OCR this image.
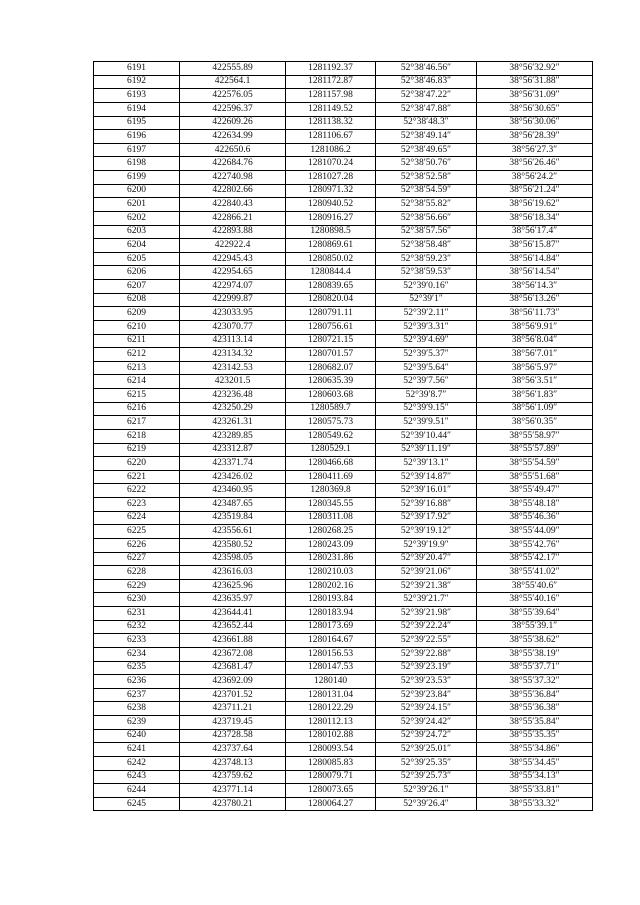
6191	422555.89	1281192.37	52°38′46.56″	38°56′32.92″
6192	422564.1	1281172.87	52°38′46.83″	38°56′31.88″
6193	422576.05	1281157.98	52°38′47.22″	38°56′31.09″
6194	422596.37	1281149.52	52°38′47.88″	38°56′30.65″
6195	422609.26	1281138.32	52°38′48.3″	38°56′30.06″
6196	422634.99	1281106.67	52°38′49.14″	38°56′28.39″
6197	422650.6	1281086.2	52°38′49.65″	38°56′27.3″
6198	422684.76	1281070.24	52°38′50.76″	38°56′26.46″
6199	422740.98	1281027.28	52°38′52.58″	38°56′24.2″
6200	422802.66	1280971.32	52°38′54.59″	38°56′21.24″
6201	422840.43	1280940.52	52°38′55.82″	38°56′19.62″
6202	422866.21	1280916.27	52°38′56.66″	38°56′18.34″
6203	422893.88	1280898.5	52°38′57.56″	38°56′17.4″
6204	422922.4	1280869.61	52°38′58.48″	38°56′15.87″
6205	422945.43	1280850.02	52°38′59.23″	38°56′14.84″
6206	422954.65	1280844.4	52°38′59.53″	38°56′14.54″
6207	422974.07	1280839.65	52°39′0.16″	38°56′14.3″
6208	422999.87	1280820.04	52°39′1″	38°56′13.26″
6209	423033.95	1280791.11	52°39′2.11″	38°56′11.73″
6210	423070.77	1280756.61	52°39′3.31″	38°56′9.91″
6211	423113.14	1280721.15	52°39′4.69″	38°56′8.04″
6212	423134.32	1280701.57	52°39′5.37″	38°56′7.01″
6213	423142.53	1280682.07	52°39′5.64″	38°56′5.97″
6214	423201.5	1280635.39	52°39′7.56″	38°56′3.51″
6215	423236.48	1280603.68	52°39′8.7″	38°56′1.83″
6216	423250.29	1280589.7	52°39′9.15″	38°56′1.09″
6217	423261.31	1280575.73	52°39′9.51″	38°56′0.35″
6218	423289.85	1280549.62	52°39′10.44″	38°55′58.97″
6219	423312.87	1280529.1	52°39′11.19″	38°55′57.89″
6220	423371.74	1280466.68	52°39′13.1″	38°55′54.59″
6221	423426.02	1280411.69	52°39′14.87″	38°55′51.68″
6222	423460.95	1280369.8	52°39′16.01″	38°55′49.47″
6223	423487.65	1280345.55	52°39′16.88″	38°55′48.18″
6224	423519.84	1280311.08	52°39′17.92″	38°55′46.36″
6225	423556.61	1280268.25	52°39′19.12″	38°55′44.09″
6226	423580.52	1280243.09	52°39′19.9″	38°55′42.76″
6227	423598.05	1280231.86	52°39′20.47″	38°55′42.17″
6228	423616.03	1280210.03	52°39′21.06″	38°55′41.02″
6229	423625.96	1280202.16	52°39′21.38″	38°55′40.6″
6230	423635.97	1280193.84	52°39′21.7″	38°55′40.16″
6231	423644.41	1280183.94	52°39′21.98″	38°55′39.64″
6232	423652.44	1280173.69	52°39′22.24″	38°55′39.1″
6233	423661.88	1280164.67	52°39′22.55″	38°55′38.62″
6234	423672.08	1280156.53	52°39′22.88″	38°55′38.19″
6235	423681.47	1280147.53	52°39′23.19″	38°55′37.71″
6236	423692.09	1280140	52°39′23.53″	38°55′37.32″
6237	423701.52	1280131.04	52°39′23.84″	38°55′36.84″
6238	423711.21	1280122.29	52°39′24.15″	38°55′36.38″
6239	423719.45	1280112.13	52°39′24.42″	38°55′35.84″
6240	423728.58	1280102.88	52°39′24.72″	38°55′35.35″
6241	423737.64	1280093.54	52°39′25.01″	38°55′34.86″
6242	423748.13	1280085.83	52°39′25.35″	38°55′34.45″
6243	423759.62	1280079.71	52°39′25.73″	38°55′34.13″
6244	423771.14	1280073.65	52°39′26.1″	38°55′33.81″
6245	423780.21	1280064.27	52°39′26.4″	38°55′33.32″
